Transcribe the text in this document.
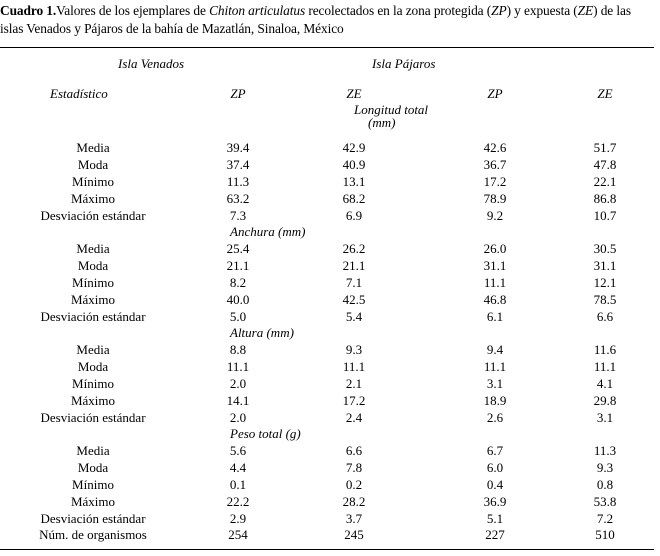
Cuadro 1.Valores de los ejemplares de Chiton articulatus recolectados en la zona protegida (ZP) y expuesta (ZE) de las islas Venados y Pájaros de la bahía de Mazatlán, Sinaloa, México
Isla Venados	Isla Pájaros
Estadístico	ZP	ZE	ZP	ZE
Longitud total
(mm)
Media	39.4	42.9	42.6	51.7
Moda	37.4	40.9	36.7	47.8
Mínimo	11.3	13.1	17.2	22.1
Máximo	63.2	68.2	78.9	86.8
Desviación estándar	7.3	6.9	9.2	10.7
Anchura (mm)
Media	25.4	26.2	26.0	30.5
Moda	21.1	21.1	31.1	31.1
Mínimo	8.2	7.1	11.1	12.1
Máximo	40.0	42.5	46.8	78.5
Desviación estándar	5.0	5.4	6.1	6.6
Altura (mm)
Media	8.8	9.3	9.4	11.6
Moda	11.1	11.1	11.1	11.1
Mínimo	2.0	2.1	3.1	4.1
Máximo	14.1	17.2	18.9	29.8
Desviación estándar	2.0	2.4	2.6	3.1
Peso total (g)
Media	5.6	6.6	6.7	11.3
Moda	4.4	7.8	6.0	9.3
Mínimo	0.1	0.2	0.4	0.8
Máximo	22.2	28.2	36.9	53.8
Desviación estándar	2.9	3.7	5.1	7.2
Núm. de organismos	254	245	227	510
